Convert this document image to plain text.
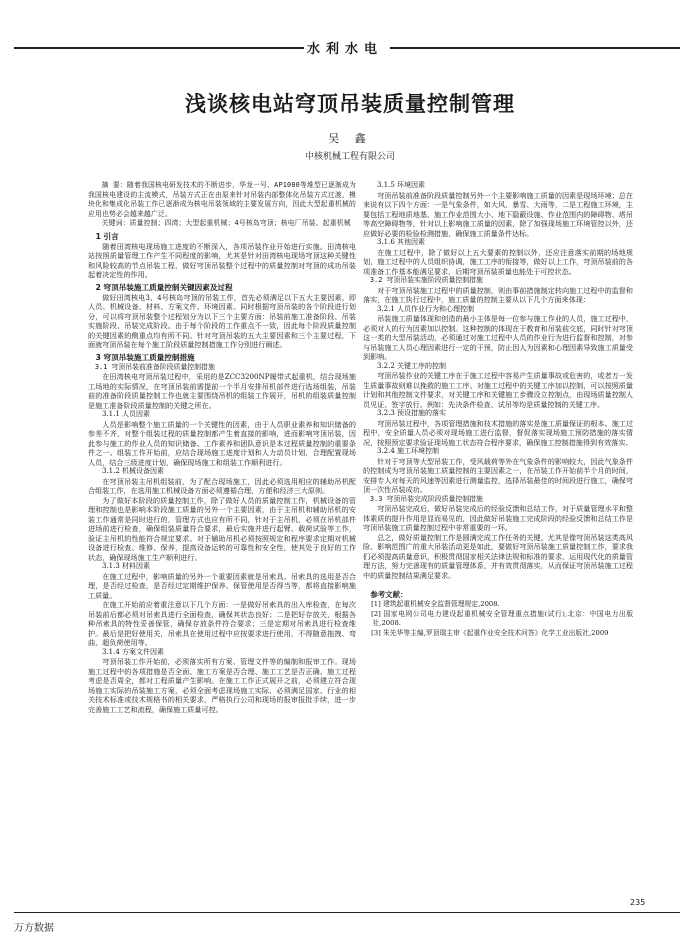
水利水电
浅谈核电站穹顶吊装质量控制管理
吴 鑫
中核机械工程有限公司

摘 要：随着我国核电研发技术的不断进步，华龙一号、AP1000等堆型已逐渐成为我国核电建设的主流模式，吊装方式正在由原来针对吊装内部整体化吊装方式过渡，模块化和集成化吊装工作已逐渐成为核电吊装领域的主要发展方向，因此大型起重机械的应用也势必会越来越广泛。

关键词：质量控制；四湾；大型起重机械；4号核岛穹顶；核电厂吊装、起重机械

1 引言

随着田湾核电现场施工进度的不断深入，各项吊装作业开始进行实施。田湾核电站按照质量管理工作产生不同程度的影响，尤其是针对田湾核电现场穹顶这种关键性和风险较高的节点吊装工程，做好穹顶吊装整个过程中的质量控制对穹顶的成功吊装起着决定性的作用。

2 穹顶吊装施工质量控制关键因素及过程

做好田湾核电3、4号核岛穹顶的吊装工作，首先必须满足以下五大主要因素，即人员、机械设备、材料、方案文件、环境因素。同时根据穹顶吊装的各个阶段进行划分，可以将穹顶吊装整个过程划分为以下三个主要方面：吊装前施工准备阶段、吊装实施阶段、吊装完成阶段。由于每个阶段的工作重点不一致，因此每个阶段质量控制的关键因素的侧重点均有所不同。针对穹顶吊装的五大主要因素和三个主要过程，下面就穹顶吊装在每个施工阶段质量控制措施工作分别进行阐述。

3 穹顶吊装施工质量控制措施
3.1 穹顶吊装前准备阶段质量控制措施

在田湾核电穹顶吊装过程中，采用的是ZCC3200NP履带式起重机，结合现场施工场地的实际情况，在穹顶吊装前需提前一个半月安排吊机部件进行选场组装，吊装前的准备阶段质量控制工作也就主要围绕吊机的组装工作展开，吊机的组装质量控制是施工准备阶段质量控制的关键之所在。

3.1.1 人员因素

人员是影响整个施工质量的一个关键性的因素，由于人员职业素养和知识储备的参差不齐，对整个组装过程的质量控制都产生着直接的影响，进而影响穹顶吊装，因此参与施工的作业人员的知识储备、工作素养和团队意识是本过程质量控制的重要条件之一。组装工作开始前，应结合现场施工进度计划和人力动员计划，合理配置现场人员，结合三级进度计划，确保现场施工和组装工作顺利进行。

3.1.2 机械设备因素

在穹顶吊装主吊机组装前，为了配合现场施工，因此必须选用相应的辅助吊机配合组装工作，在选用施工机械设备方面必须遵循合理、方便和经济三大原则。

为了做好本阶段的质量控制工作，除了做好人员的质量控制工作，机械设备的管理和控制也是影响本阶段施工质量的另外一个主要因素，由于主吊机和辅助吊机的安装工作通常是同时进行的，管理方式也应有所不同，针对于主吊机，必须在吊机部件进场前进行检查，确保组装质量符合要求，最后实施并进行起臂、载荷试验等工作，验证主吊机的性能符合规定要求。对于辅助吊机必须按照规定和程序要求定期对机械设备进行检查、维修、保养，提高设备运转的可靠性和安全性，使其处于良好的工作状态，确保现场施工生产顺利进行。

3.1.3 材料因素

在施工过程中，影响质量的另外一个重要因素就是吊索具。吊索具的选用是否合理，是否经过检查，是否经过定期维护保养、保管使用是否得当等，都将直接影响施工质量。

在施工开始前应着重注意以下几个方面：一是做好吊索具的出入库检查，在每次吊装前后都必须对吊索具进行全面检查，确保其状态良好；二是把好存放关，根据各种吊索具的特性妥善保管，确保存放条件符合要求；三是定期对吊索具进行检查维护。最后是把好使用关，吊索具在使用过程中应按要求进行使用，不得随意拖拽、弯曲、超负荷使用等。

3.1.4 方案文件因素

穹顶吊装工作开始前，必须落实所有方案、管理文件等的编制和报审工作。现场施工过程中的各项措施是否全面、施工方案是否合理、施工工艺是否正确、施工过程考虑是否周全，都对工程质量产生影响。在施工工作正式展开之前，必须建立符合现场施工实际的吊装施工方案，必须全面考虑现场施工实际、必须满足国家、行业的相关技术标准或技术规格书的相关要求，严格执行公司和现场的报审报批手续，进一步完善施工工艺和流程，确保施工质量可控。

3.1.5 环境因素

穹顶吊装前准备阶段质量控制另外一个主要影响施工质量的因素是现场环境；总在来说有以下四个方面：一是气象条件，如大风、暴雪、大雨等，二是工程施工环境，主要包括工程地质地基、施工作业范围大小、地下隐蔽设施、作业范围内的障碍物、塔吊等高空障碍物等，针对以上影响施工质量的因素，除了加强现场施工环境管控以外，还应做好必要的检验检测措施，确保施工质量条件达标。

3.1.6 其他因素

在施工过程中，除了做好以上五大要素的控制以外，还应注意落实前期的场地规划，施工过程中的人员组织协调，施工工序的衔接等，做好以上工作，穹顶吊装前的各项准备工作基本能满足要求，后期穹顶吊装质量也能处于可控状态。

3.2 穹顶吊装实施阶段质量控制措施

对于穹顶吊装施工过程中的质量控制，则由事前措施制定转向施工过程中的监督和落实，在施工执行过程中，施工质量的控制主要从以下几个方面来体现：

3.2.1 人员作业行为和心理控制

吊装施工质量体现和创造的最小主体是每一位参与施工作业的人员，施工过程中，必须对人的行为因素加以控制。这种控制的体现在于教育和吊装前交底，同时针对穹顶这一类的大型吊装活动，必须通过对施工过程中人员的作业行为进行监督和控制，对参与吊装施工人员心理因素进行一定的干预，防止因人为因素和心理因素导致施工质量受到影响。

3.2.2 关键工序的控制

穹顶吊装作业的关键工序在于施工过程中容易产生质量事故或危害的，或者万一发生质量事故则难以挽救的施工工序。对施工过程中的关键工序加以控制，可以按照质量计划和其他控制文件要求，对关键工序和关键施工步骤设立控制点，由现场质量控制人员见证、签字放行。例如：先决条件检查、试吊等均是质量控制的关键工序。

3.2.3 预设措施的落实

穹顶吊装过程中，各项管理措施和技术措施的落实是施工质量保证的根本。施工过程中，安全质量人员必须对现场施工进行监督，督促落实现场施工预防措施的落实情况，按照预定要求验证现场施工状态符合程序要求，确保施工控制措施得到有效落实。

3.2.4 施工环境控制

针对于穹顶等大型吊装工作，受风载荷等外在气象条件的影响较大，因此气象条件的控制成为穹顶吊装施工质量控制的主要因素之一，在吊装工作开始前半个月的时间，安排专人对每天的风速等因素进行测量监控，选择吊装最佳的时间段进行施工，确保穹顶一次性吊装成功。

3.3 穹顶吊装完成阶段质量控制措施

穹顶吊装完成后，做好吊装完成后的经验反馈和总结工作，对于质量管理水平和整体素质的提升作用是显而易见的，因此做好吊装施工完成阶段的经验反馈和总结工作是穹顶吊装施工质量控制过程中非常重要的一环。

总之，做好质量控制工作是圆满完成工作任务的关键，尤其是像穹顶吊装这类高风险、影响范围广的重大吊装活动更是如此，要做好穹顶吊装施工质量控制工作，要求我们必须提高质量意识，积极贯彻国家相关法律法规和标准的要求，运用现代化的质量管理方法，努力完善现有的质量管理体系，并有效贯彻落实，从而保证穹顶吊装施工过程中的质量控制结果满足要求。

参考文献：
[1] 建筑起重机械安全监督管理规定,2008.
[2] 国家电网公司电力建设起重机械安全管理重点措施(试行),北京：中国电力出版社,2008.
[3] 朱先华等主编,罗顶瑞主审《起重作业安全技术问答》化学工业出版社,2009
235
万方数据
